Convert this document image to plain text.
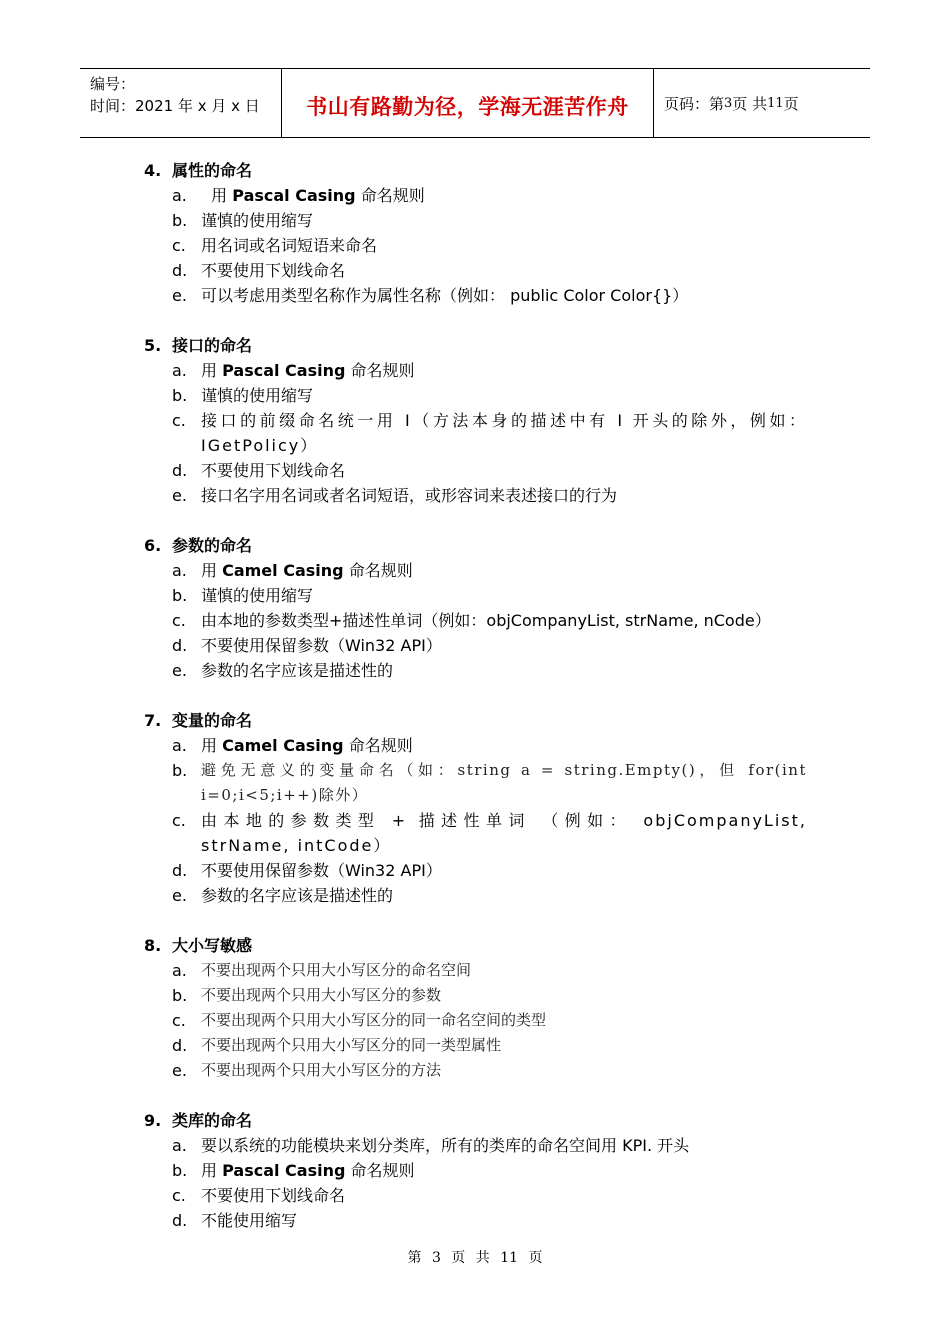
编号：
时间：2021 年 x 月 x 日	书山有路勤为径，学海无涯苦作舟	页码：第 3 页 共 11 页
4. 属性的命名
a. 用 Pascal Casing 命名规则
b. 谨慎的使用缩写
c. 用名词或名词短语来命名
d. 不要使用下划线命名
e. 可以考虑用类型名称作为属性名称（例如： public Color Color{}）
5. 接口的命名
a. 用 Pascal Casing 命名规则
b. 谨慎的使用缩写
c. 接口的前缀命名统一用 I（方法本身的描述中有 I 开头的除外，例如：IGetPolicy）
d. 不要使用下划线命名
e. 接口名字用名词或者名词短语，或形容词来表述接口的行为
6. 参数的命名
a. 用 Camel Casing 命名规则
b. 谨慎的使用缩写
c. 由本地的参数类型+描述性单词（例如：objCompanyList, strName, nCode）
d. 不要使用保留参数（Win32 API）
e. 参数的名字应该是描述性的
7. 变量的命名
a. 用 Camel Casing 命名规则
b. 避免无意义的变量命名（如：string a = string.Empty()，但 for(int i=0;i<5;i++)除外）
c. 由本地的参数类型 + 描述性单词 （例如： objCompanyList, strName, intCode）
d. 不要使用保留参数（Win32 API）
e. 参数的名字应该是描述性的
8. 大小写敏感
a. 不要出现两个只用大小写区分的命名空间
b. 不要出现两个只用大小写区分的参数
c. 不要出现两个只用大小写区分的同一命名空间的类型
d. 不要出现两个只用大小写区分的同一类型属性
e. 不要出现两个只用大小写区分的方法
9. 类库的命名
a. 要以系统的功能模块来划分类库，所有的类库的命名空间用 KPI. 开头
b. 用 Pascal Casing 命名规则
c. 不要使用下划线命名
d. 不能使用缩写
第 3 页 共 11 页
